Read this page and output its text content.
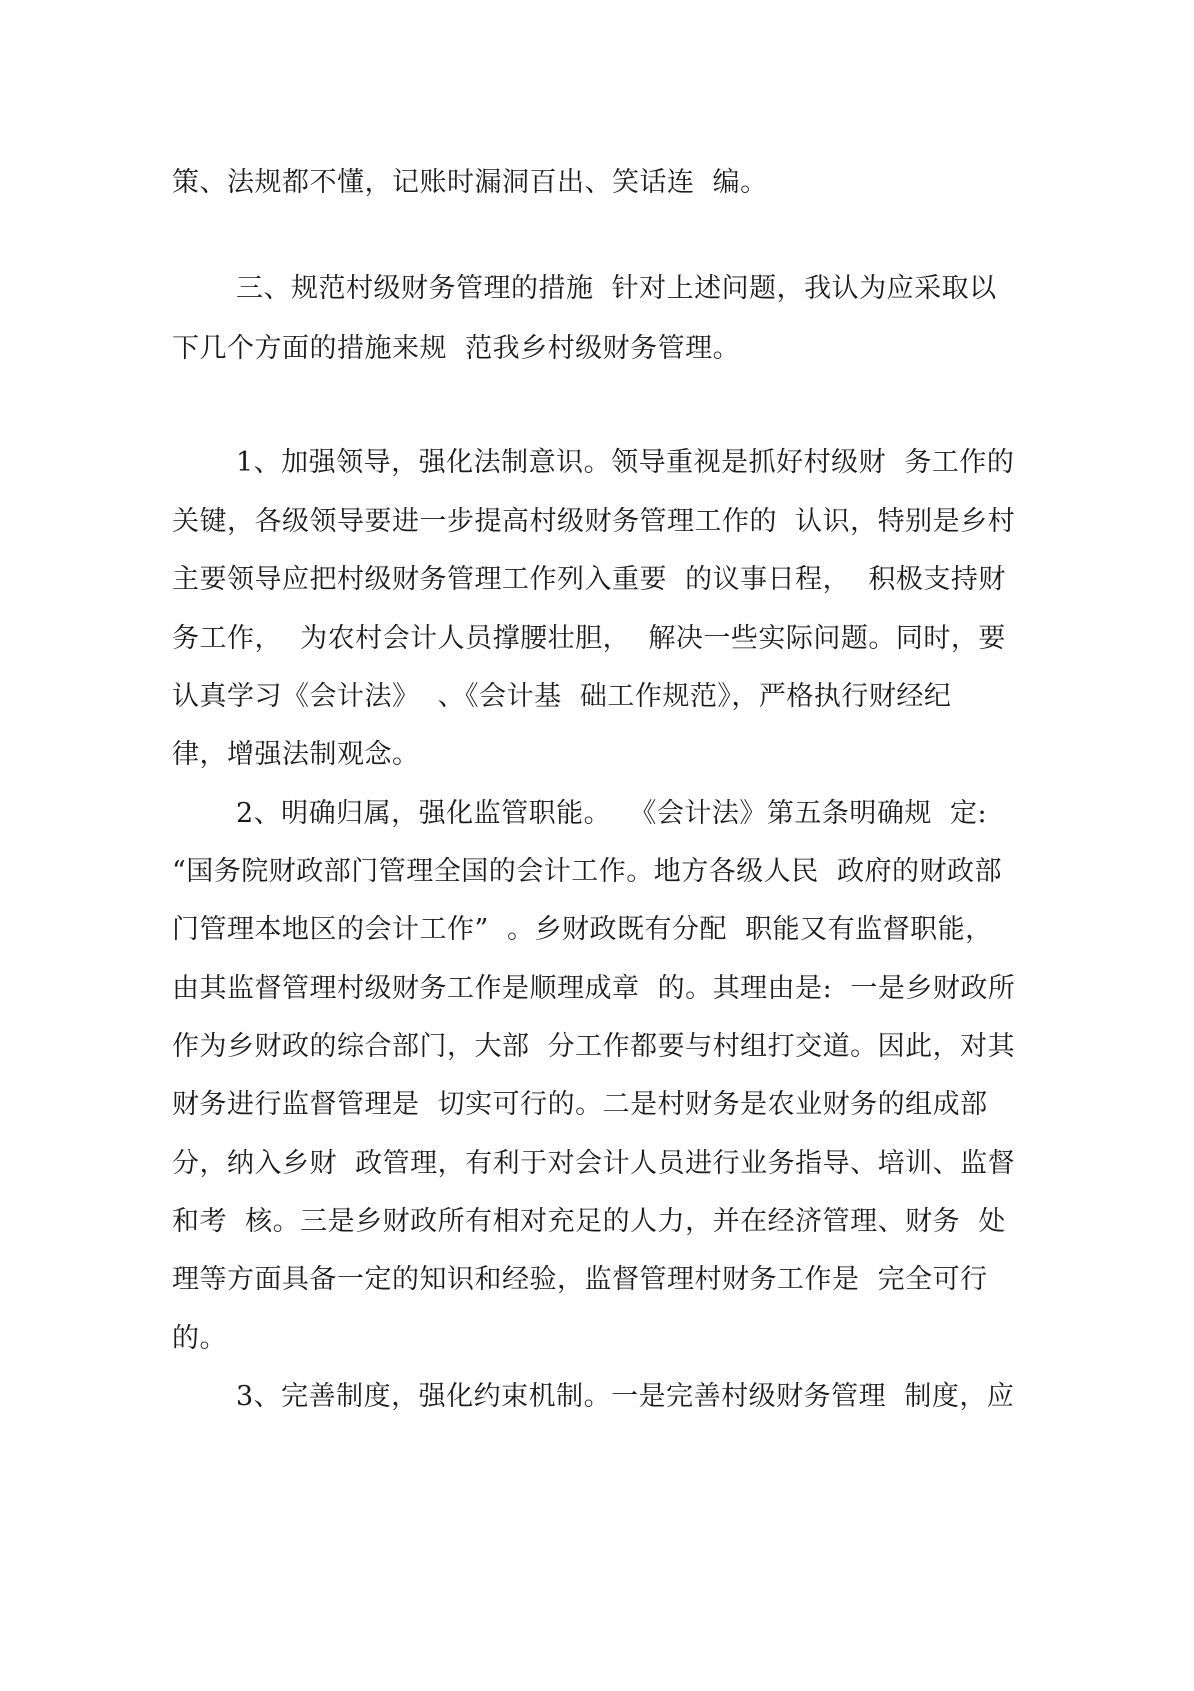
策、法规都不懂，记账时漏洞百出、笑话连  编。
三、规范村级财务管理的措施  针对上述问题，我认为应采取以
下几个方面的措施来规  范我乡村级财务管理。
1、加强领导，强化法制意识。领导重视是抓好村级财  务工作的
关键，各级领导要进一步提高村级财务管理工作的  认识，特别是乡村
主要领导应把村级财务管理工作列入重要  的议事日程，  积极支持财
务工作，  为农村会计人员撑腰壮胆，  解决一些实际问题。同时，要
认真学习《会计法》  、《会计基  础工作规范》，严格执行财经纪
律，增强法制观念。
2、明确归属，强化监管职能。  《会计法》第五条明确规  定:
“国务院财政部门管理全国的会计工作。地方各级人民  政府的财政部
门管理本地区的会计工作”  。乡财政既有分配  职能又有监督职能，
由其监督管理村级财务工作是顺理成章  的。其理由是:  一是乡财政所
作为乡财政的综合部门，大部  分工作都要与村组打交道。因此，对其
财务进行监督管理是  切实可行的。二是村财务是农业财务的组成部
分，纳入乡财  政管理，有利于对会计人员进行业务指导、培训、监督
和考  核。三是乡财政所有相对充足的人力，并在经济管理、财务  处
理等方面具备一定的知识和经验，监督管理村财务工作是  完全可行
的。
3、完善制度，强化约束机制。一是完善村级财务管理  制度，应
